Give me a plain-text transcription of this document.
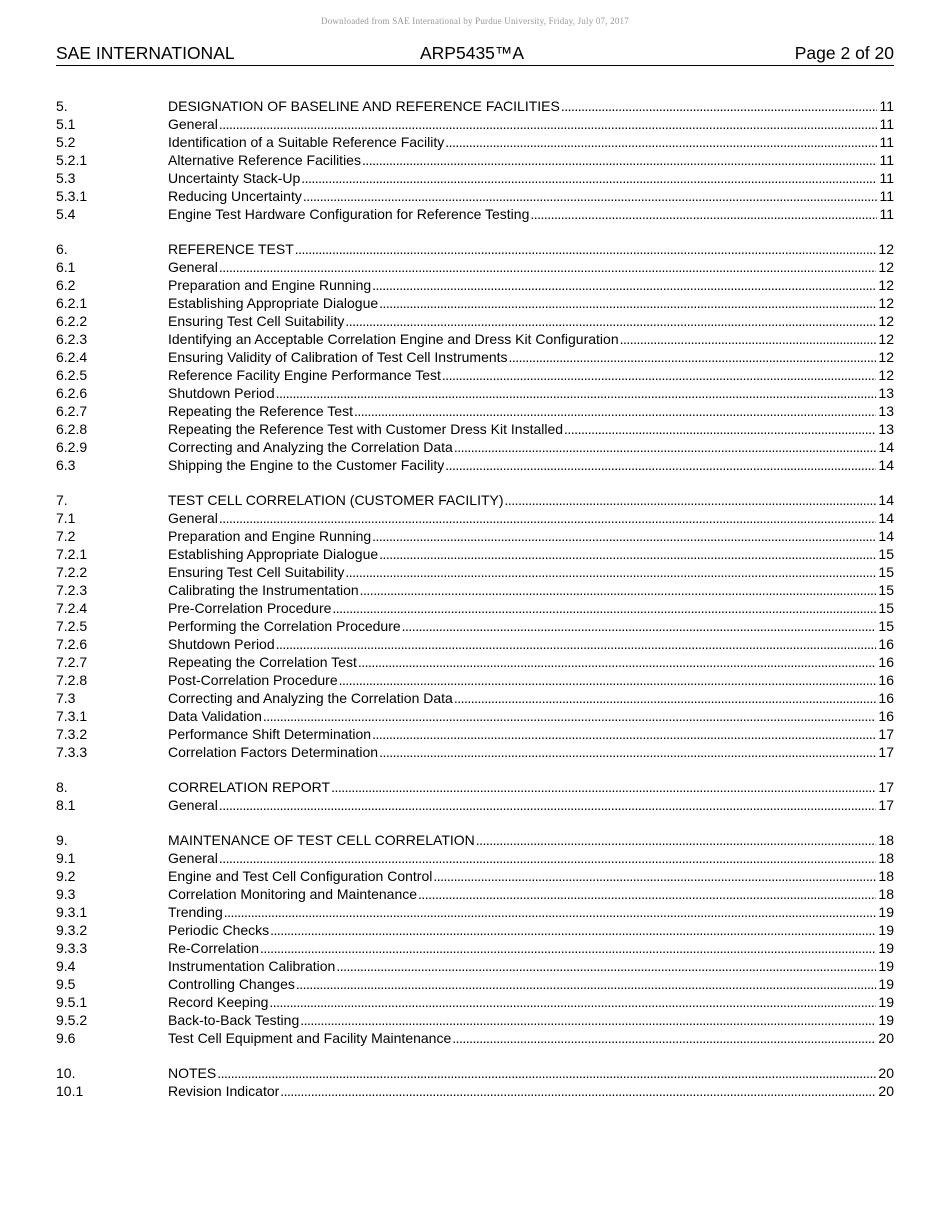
Downloaded from SAE International by Purdue University, Friday, July 07, 2017
SAE INTERNATIONAL	ARP5435™A	Page 2 of 20
5.	DESIGNATION OF BASELINE AND REFERENCE FACILITIES . . .	11
5.1	General . . .	11
5.2	Identification of a Suitable Reference Facility . . .	11
5.2.1	Alternative Reference Facilities . . .	11
5.3	Uncertainty Stack-Up . . .	11
5.3.1	Reducing Uncertainty . . .	11
5.4	Engine Test Hardware Configuration for Reference Testing . . .	11
6.	REFERENCE TEST . . .	12
6.1	General . . .	12
6.2	Preparation and Engine Running . . .	12
6.2.1	Establishing Appropriate Dialogue . . .	12
6.2.2	Ensuring Test Cell Suitability . . .	12
6.2.3	Identifying an Acceptable Correlation Engine and Dress Kit Configuration . . .	12
6.2.4	Ensuring Validity of Calibration of Test Cell Instruments . . .	12
6.2.5	Reference Facility Engine Performance Test . . .	12
6.2.6	Shutdown Period . . .	13
6.2.7	Repeating the Reference Test . . .	13
6.2.8	Repeating the Reference Test with Customer Dress Kit Installed . . .	13
6.2.9	Correcting and Analyzing the Correlation Data . . .	14
6.3	Shipping the Engine to the Customer Facility . . .	14
7.	TEST CELL CORRELATION (CUSTOMER FACILITY) . . .	14
7.1	General . . .	14
7.2	Preparation and Engine Running . . .	14
7.2.1	Establishing Appropriate Dialogue . . .	15
7.2.2	Ensuring Test Cell Suitability . . .	15
7.2.3	Calibrating the Instrumentation . . .	15
7.2.4	Pre-Correlation Procedure . . .	15
7.2.5	Performing the Correlation Procedure . . .	15
7.2.6	Shutdown Period . . .	16
7.2.7	Repeating the Correlation Test . . .	16
7.2.8	Post-Correlation Procedure . . .	16
7.3	Correcting and Analyzing the Correlation Data . . .	16
7.3.1	Data Validation . . .	16
7.3.2	Performance Shift Determination . . .	17
7.3.3	Correlation Factors Determination . . .	17
8.	CORRELATION REPORT . . .	17
8.1	General . . .	17
9.	MAINTENANCE OF TEST CELL CORRELATION . . .	18
9.1	General . . .	18
9.2	Engine and Test Cell Configuration Control . . .	18
9.3	Correlation Monitoring and Maintenance . . .	18
9.3.1	Trending . . .	19
9.3.2	Periodic Checks . . .	19
9.3.3	Re-Correlation . . .	19
9.4	Instrumentation Calibration . . .	19
9.5	Controlling Changes . . .	19
9.5.1	Record Keeping . . .	19
9.5.2	Back-to-Back Testing . . .	19
9.6	Test Cell Equipment and Facility Maintenance . . .	20
10.	NOTES . . .	20
10.1	Revision Indicator . . .	20
